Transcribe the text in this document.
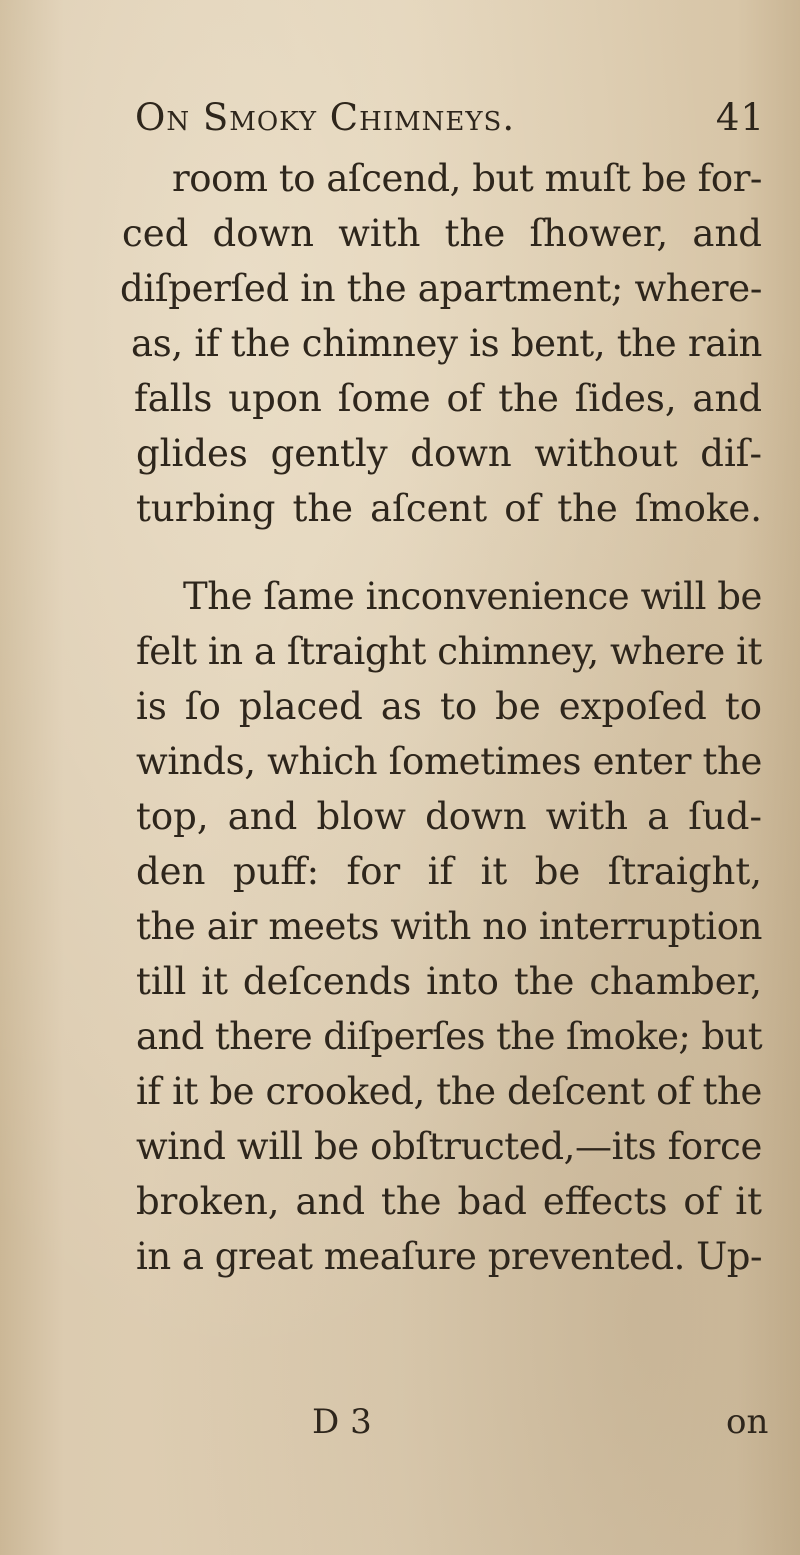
On Smoky Chimneys.	41
room to aſcend, but muſt be for-
ced down with the ſhower, and
diſperſed in the apartment; where-
as, if the chimney is bent, the rain
falls upon ſome of the ſides, and
glides gently down without diſ-
turbing the aſcent of the ſmoke.
The ſame inconvenience will be
felt in a ſtraight chimney, where it
is ſo placed as to be expoſed to
winds, which ſometimes enter the
top, and blow down with a ſud-
den puff: for if it be ſtraight,
the air meets with no interruption
till it deſcends into the chamber,
and there diſperſes the ſmoke; but
if it be crooked, the deſcent of the
wind will be obſtructed,—its force
broken, and the bad effects of it
in a great meaſure prevented. Up-
D 3	on
